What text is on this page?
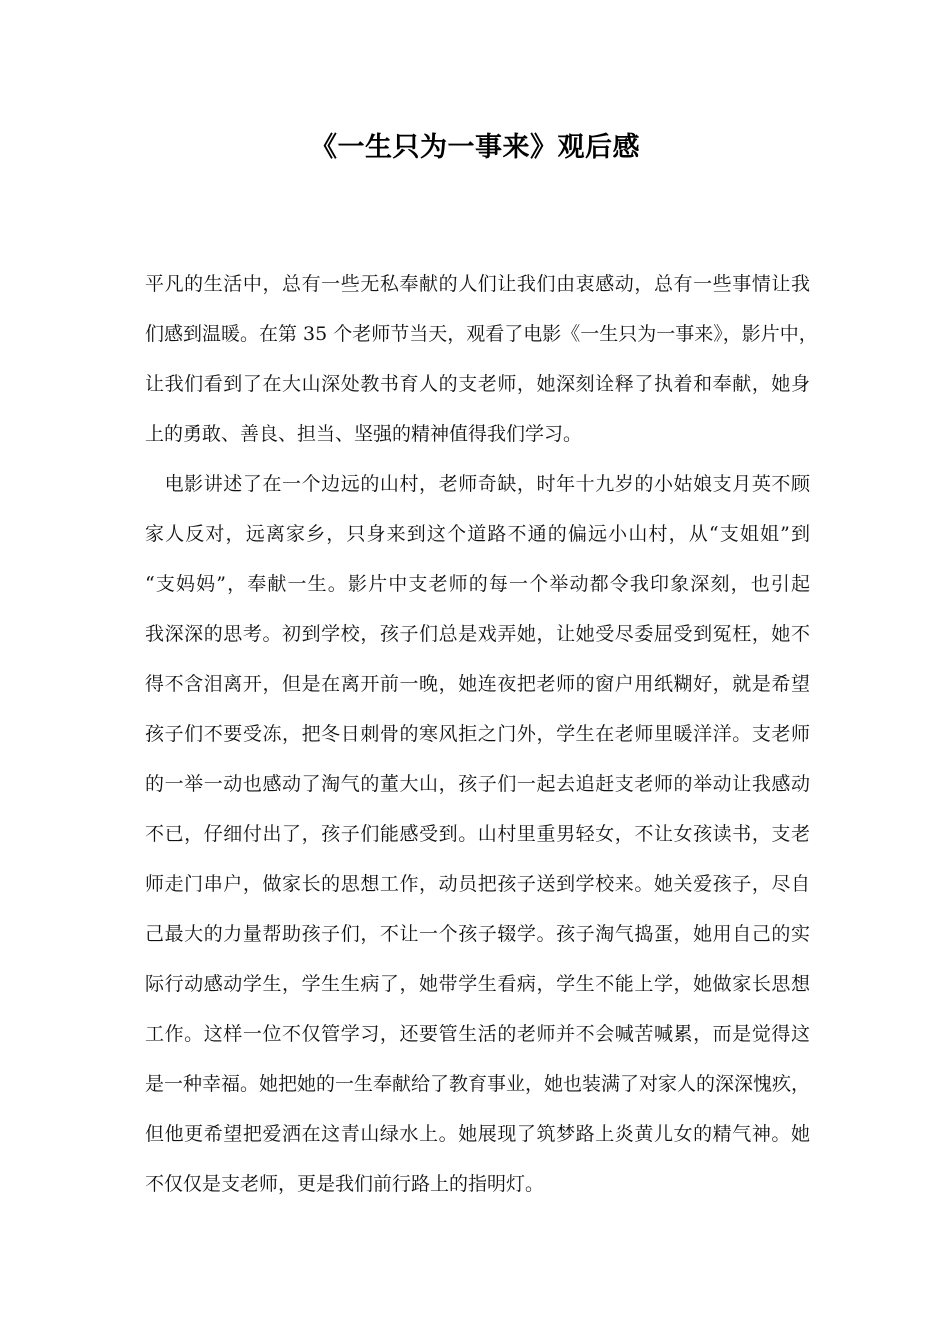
《一生只为一事来》观后感
平凡的生活中，总有一些无私奉献的人们让我们由衷感动，总有一些事情让我
们感到温暖。在第 35 个老师节当天，观看了电影《一生只为一事来》，影片中，
让我们看到了在大山深处教书育人的支老师，她深刻诠释了执着和奉献，她身
上的勇敢、善良、担当、坚强的精神值得我们学习。
　电影讲述了在一个边远的山村，老师奇缺，时年十九岁的小姑娘支月英不顾
家人反对，远离家乡，只身来到这个道路不通的偏远小山村，从“支姐姐”到
“支妈妈”，奉献一生。影片中支老师的每一个举动都令我印象深刻，也引起
我深深的思考。初到学校，孩子们总是戏弄她，让她受尽委屈受到冤枉，她不
得不含泪离开，但是在离开前一晚，她连夜把老师的窗户用纸糊好，就是希望
孩子们不要受冻，把冬日刺骨的寒风拒之门外，学生在老师里暖洋洋。支老师
的一举一动也感动了淘气的董大山，孩子们一起去追赶支老师的举动让我感动
不已，仔细付出了，孩子们能感受到。山村里重男轻女，不让女孩读书，支老
师走门串户，做家长的思想工作，动员把孩子送到学校来。她关爱孩子，尽自
己最大的力量帮助孩子们，不让一个孩子辍学。孩子淘气捣蛋，她用自己的实
际行动感动学生，学生生病了，她带学生看病，学生不能上学，她做家长思想
工作。这样一位不仅管学习，还要管生活的老师并不会喊苦喊累，而是觉得这
是一种幸福。她把她的一生奉献给了教育事业，她也装满了对家人的深深愧疚，
但他更希望把爱洒在这青山绿水上。她展现了筑梦路上炎黄儿女的精气神。她
不仅仅是支老师，更是我们前行路上的指明灯。
